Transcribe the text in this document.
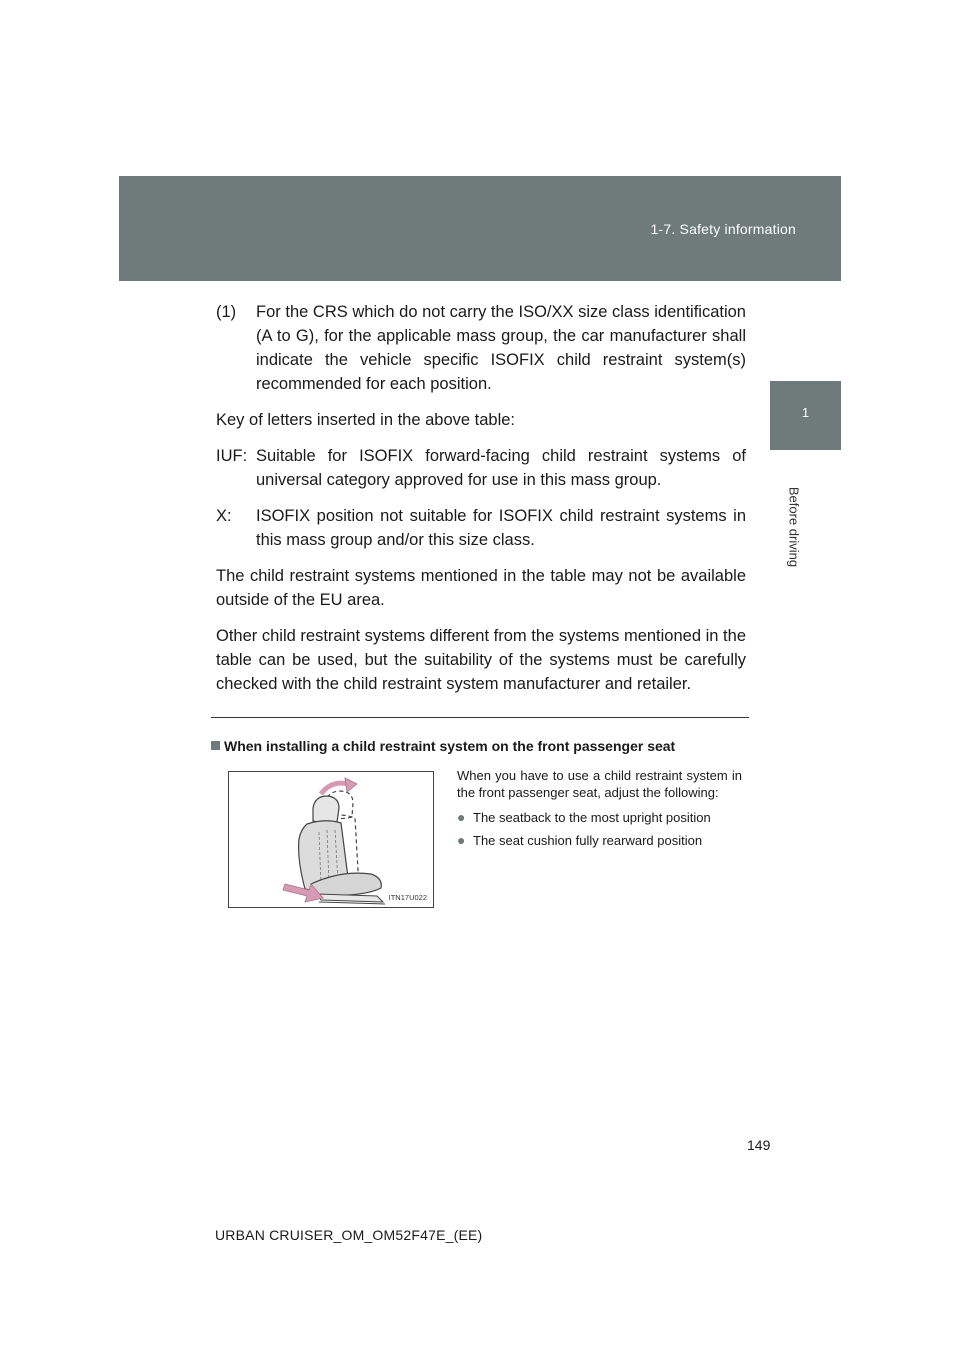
1-7. Safety information
1
Before driving
(1)	For the CRS which do not carry the ISO/XX size class identification (A to G), for the applicable mass group, the car manufacturer shall indicate the vehicle specific ISOFIX child restraint system(s) recommended for each position.

Key of letters inserted in the above table:

IUF: Suitable for ISOFIX forward-facing child restraint systems of universal category approved for use in this mass group.
X:	ISOFIX position not suitable for ISOFIX child restraint systems in this mass group and/or this size class.

The child restraint systems mentioned in the table may not be available outside of the EU area.

Other child restraint systems different from the systems mentioned in the table can be used, but the suitability of the systems must be carefully checked with the child restraint system manufacturer and retailer.

When installing a child restraint system on the front passenger seat
ITN17U022

When you have to use a child restraint system in the front passenger seat, adjust the following:

● The seatback to the most upright position
● The seat cushion fully rearward position
149
URBAN CRUISER_OM_OM52F47E_(EE)
